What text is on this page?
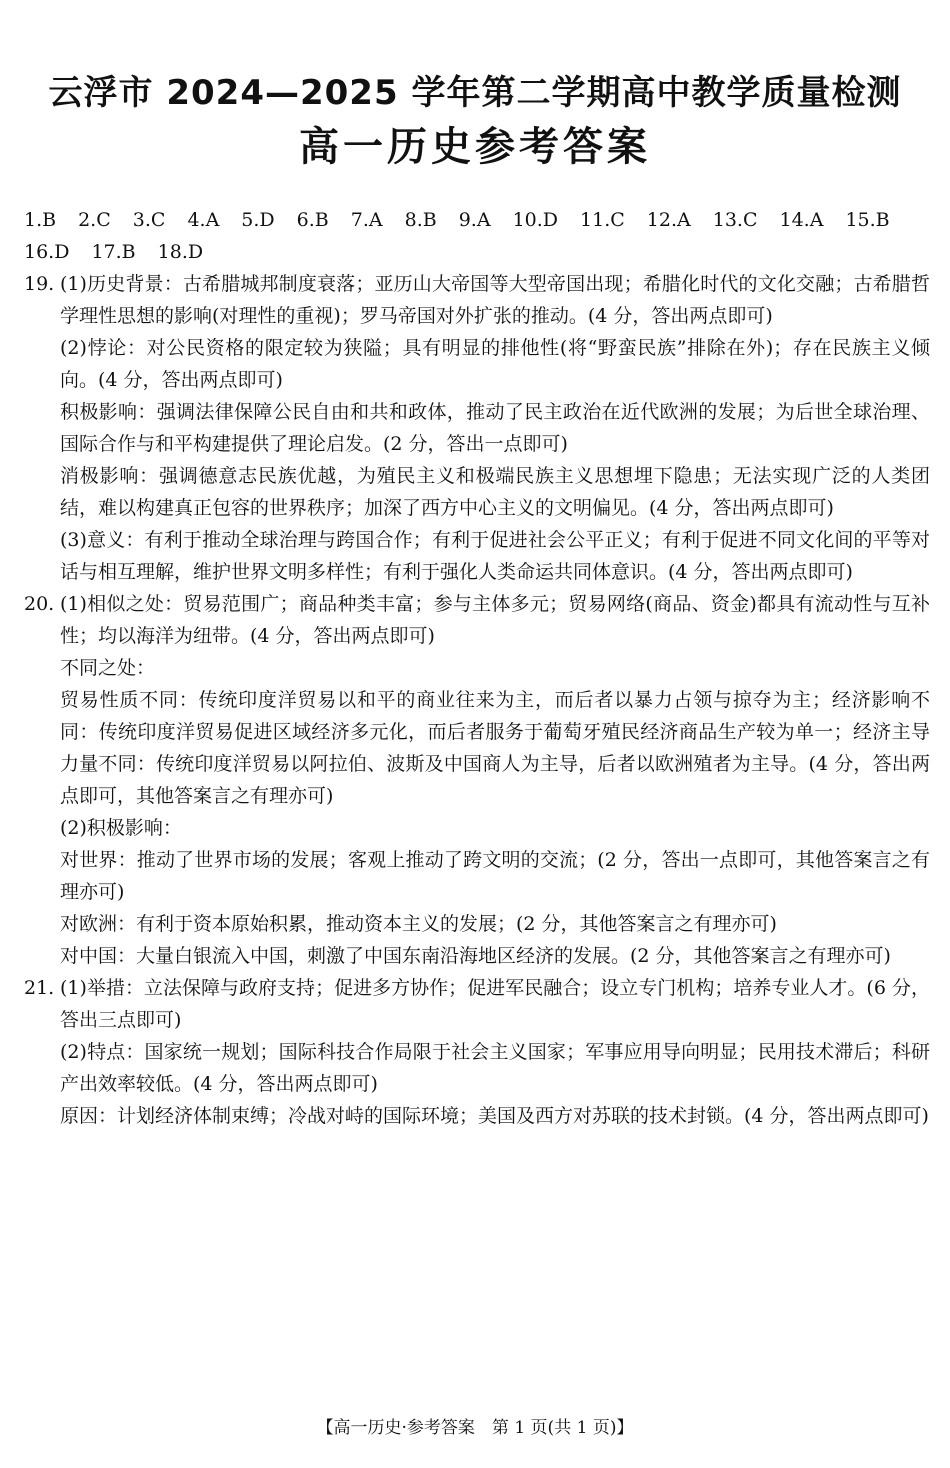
云浮市 2024—2025 学年第二学期高中教学质量检测
高一历史参考答案
1.B 2.C 3.C 4.A 5.D 6.B 7.A 8.B 9.A 10.D 11.C 12.A 13.C 14.A 15.B
16.D 17.B 18.D
19. (1)历史背景：古希腊城邦制度衰落；亚历山大帝国等大型帝国出现；希腊化时代的文化交融；古希腊哲学理性思想的影响(对理性的重视)；罗马帝国对外扩张的推动。(4 分，答出两点即可)

(2)悖论：对公民资格的限定较为狭隘；具有明显的排他性(将“野蛮民族”排除在外)；存在民族主义倾向。(4 分，答出两点即可)

积极影响：强调法律保障公民自由和共和政体，推动了民主政治在近代欧洲的发展；为后世全球治理、国际合作与和平构建提供了理论启发。(2 分，答出一点即可)

消极影响：强调德意志民族优越，为殖民主义和极端民族主义思想埋下隐患；无法实现广泛的人类团结，难以构建真正包容的世界秩序；加深了西方中心主义的文明偏见。(4 分，答出两点即可)

(3)意义：有利于推动全球治理与跨国合作；有利于促进社会公平正义；有利于促进不同文化间的平等对话与相互理解，维护世界文明多样性；有利于强化人类命运共同体意识。(4 分，答出两点即可)

20. (1)相似之处：贸易范围广；商品种类丰富；参与主体多元；贸易网络(商品、资金)都具有流动性与互补性；均以海洋为纽带。(4 分，答出两点即可)

不同之处：

贸易性质不同：传统印度洋贸易以和平的商业往来为主，而后者以暴力占领与掠夺为主；经济影响不同：传统印度洋贸易促进区域经济多元化，而后者服务于葡萄牙殖民经济商品生产较为单一；经济主导力量不同：传统印度洋贸易以阿拉伯、波斯及中国商人为主导，后者以欧洲殖者为主导。(4 分，答出两点即可，其他答案言之有理亦可)

(2)积极影响：

对世界：推动了世界市场的发展；客观上推动了跨文明的交流；(2 分，答出一点即可，其他答案言之有理亦可)

对欧洲：有利于资本原始积累，推动资本主义的发展；(2 分，其他答案言之有理亦可)

对中国：大量白银流入中国，刺激了中国东南沿海地区经济的发展。(2 分，其他答案言之有理亦可)

21. (1)举措：立法保障与政府支持；促进多方协作；促进军民融合；设立专门机构；培养专业人才。(6 分，答出三点即可)

(2)特点：国家统一规划；国际科技合作局限于社会主义国家；军事应用导向明显；民用技术滞后；科研产出效率较低。(4 分，答出两点即可)

原因：计划经济体制束缚；冷战对峙的国际环境；美国及西方对苏联的技术封锁。(4 分，答出两点即可)

【高一历史·参考答案　第 1 页(共 1 页)】
